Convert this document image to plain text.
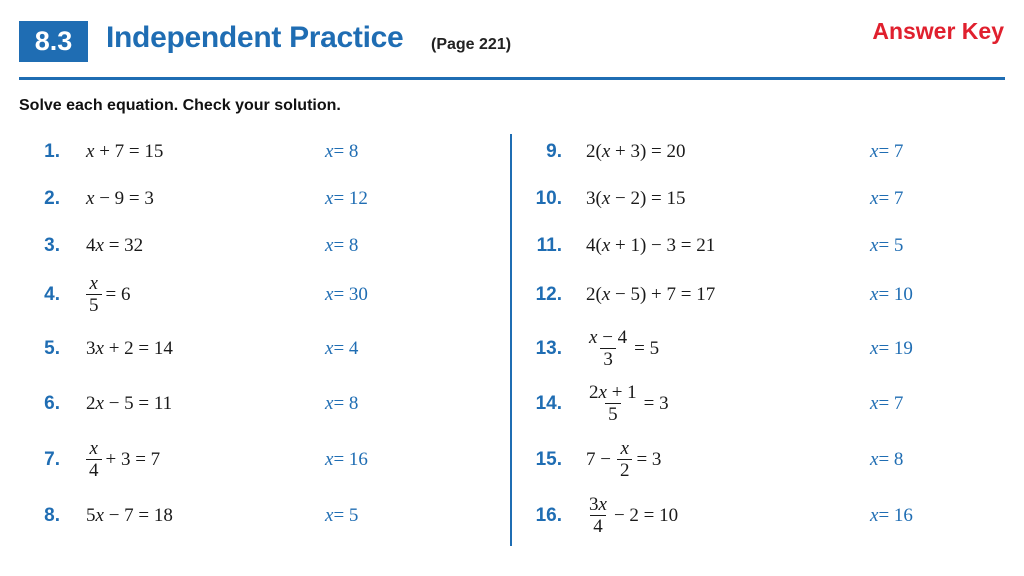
8.3 Independent Practice (Page 221)
Answer Key
Solve each equation. Check your solution.
1. x + 7 = 15	x = 8
2. x − 9 = 3	x = 12
3. 4x = 32	x = 8
4. $\frac{x}{5} = 6$	x = 30
5. 3x + 2 = 14	x = 4
6. 2x − 5 = 11	x = 8
7. $\frac{x}{4} + 3 = 7$	x = 16
8. 5x − 7 = 18	x = 5
9. 2(x + 3) = 20	x = 7
10. 3(x − 2) = 15	x = 7
11. 4(x + 1) − 3 = 21	x = 5
12. 2(x − 5) + 7 = 17	x = 10
13. $\frac{x - 4}{3} = 5$	x = 19
14. $\frac{2x + 1}{5} = 3$	x = 7
15. $7 - \frac{x}{2} = 3$	x = 8
16. $\frac{3x}{4} - 2 = 10$	x = 16
